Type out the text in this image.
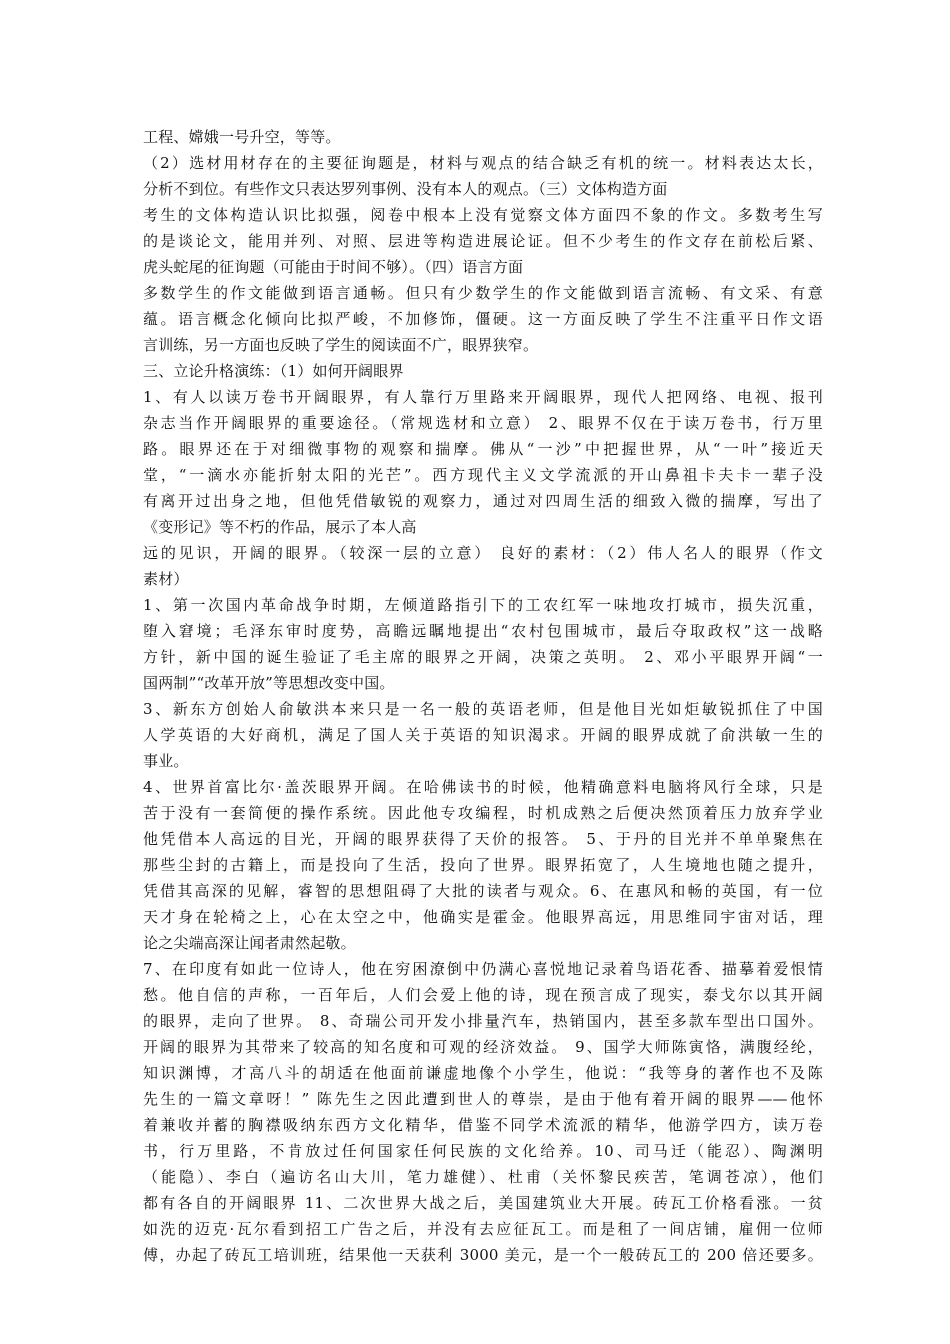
工程、嫦娥一号升空，等等。
（2）选材用材存在的主要征询题是，材料与观点的结合缺乏有机的统一。材料表达太长，
分析不到位。有些作文只表达罗列事例、没有本人的观点。（三）文体构造方面
考生的文体构造认识比拟强，阅卷中根本上没有觉察文体方面四不象的作文。多数考生写
的是谈论文，能用并列、对照、层进等构造进展论证。但不少考生的作文存在前松后紧、
虎头蛇尾的征询题（可能由于时间不够）。（四）语言方面
多数学生的作文能做到语言通畅。但只有少数学生的作文能做到语言流畅、有文采、有意
蕴。语言概念化倾向比拟严峻，不加修饰，僵硬。这一方面反映了学生不注重平日作文语
言训练，另一方面也反映了学生的阅读面不广，眼界狭窄。
三、立论升格演练：（1）如何开阔眼界
1、有人以读万卷书开阔眼界，有人靠行万里路来开阔眼界，现代人把网络、电视、报刊
杂志当作开阔眼界的重要途径。（常规选材和立意） 2、眼界不仅在于读万卷书，行万里
路。眼界还在于对细微事物的观察和揣摩。佛从“一沙”中把握世界，从“一叶”接近天
堂，“一滴水亦能折射太阳的光芒”。西方现代主义文学流派的开山鼻祖卡夫卡一辈子没
有离开过出身之地，但他凭借敏锐的观察力，通过对四周生活的细致入微的揣摩，写出了
《变形记》等不朽的作品，展示了本人高
远的见识，开阔的眼界。（较深一层的立意） 良好的素材：（2）伟人名人的眼界（作文
素材）
1、第一次国内革命战争时期，左倾道路指引下的工农红军一味地攻打城市，损失沉重，
堕入窘境；毛泽东审时度势，高瞻远瞩地提出“农村包围城市，最后夺取政权”这一战略
方针，新中国的诞生验证了毛主席的眼界之开阔，决策之英明。 2、邓小平眼界开阔“一
国两制”“改革开放”等思想改变中国。
3、新东方创始人俞敏洪本来只是一名一般的英语老师，但是他目光如炬敏锐抓住了中国
人学英语的大好商机，满足了国人关于英语的知识渴求。开阔的眼界成就了俞洪敏一生的
事业。
4、世界首富比尔·盖茨眼界开阔。在哈佛读书的时候，他精确意料电脑将风行全球，只是
苦于没有一套简便的操作系统。因此他专攻编程，时机成熟之后便决然顶着压力放弃学业
他凭借本人高远的目光，开阔的眼界获得了天价的报答。 5、于丹的目光并不单单聚焦在
那些尘封的古籍上，而是投向了生活，投向了世界。眼界拓宽了，人生境地也随之提升，
凭借其高深的见解，睿智的思想阻碍了大批的读者与观众。6、在惠风和畅的英国，有一位
天才身在轮椅之上，心在太空之中，他确实是霍金。他眼界高远，用思维同宇宙对话，理
论之尖端高深让闻者肃然起敬。
7、在印度有如此一位诗人，他在穷困潦倒中仍满心喜悦地记录着鸟语花香、描摹着爱恨情
愁。他自信的声称，一百年后，人们会爱上他的诗，现在预言成了现实，泰戈尔以其开阔
的眼界，走向了世界。 8、奇瑞公司开发小排量汽车，热销国内，甚至多款车型出口国外。
开阔的眼界为其带来了较高的知名度和可观的经济效益。 9、国学大师陈寅恪，满腹经纶，
知识渊博，才高八斗的胡适在他面前谦虚地像个小学生，他说：“我等身的著作也不及陈
先生的一篇文章呀！” 陈先生之因此遭到世人的尊崇，是由于他有着开阔的眼界——他怀
着兼收并蓄的胸襟吸纳东西方文化精华，借鉴不同学术流派的精华，他游学四方，读万卷
书，行万里路，不肯放过任何国家任何民族的文化给养。10、司马迁（能忍）、陶渊明
（能隐）、李白（遍访名山大川，笔力雄健）、杜甫（关怀黎民疾苦，笔调苍凉），他们
都有各自的开阔眼界 11、二次世界大战之后，美国建筑业大开展。砖瓦工价格看涨。一贫
如洗的迈克·瓦尔看到招工广告之后，并没有去应征瓦工。而是租了一间店铺，雇佣一位师
傅，办起了砖瓦工培训班，结果他一天获利 3000 美元，是一个一般砖瓦工的 200 倍还要多。
